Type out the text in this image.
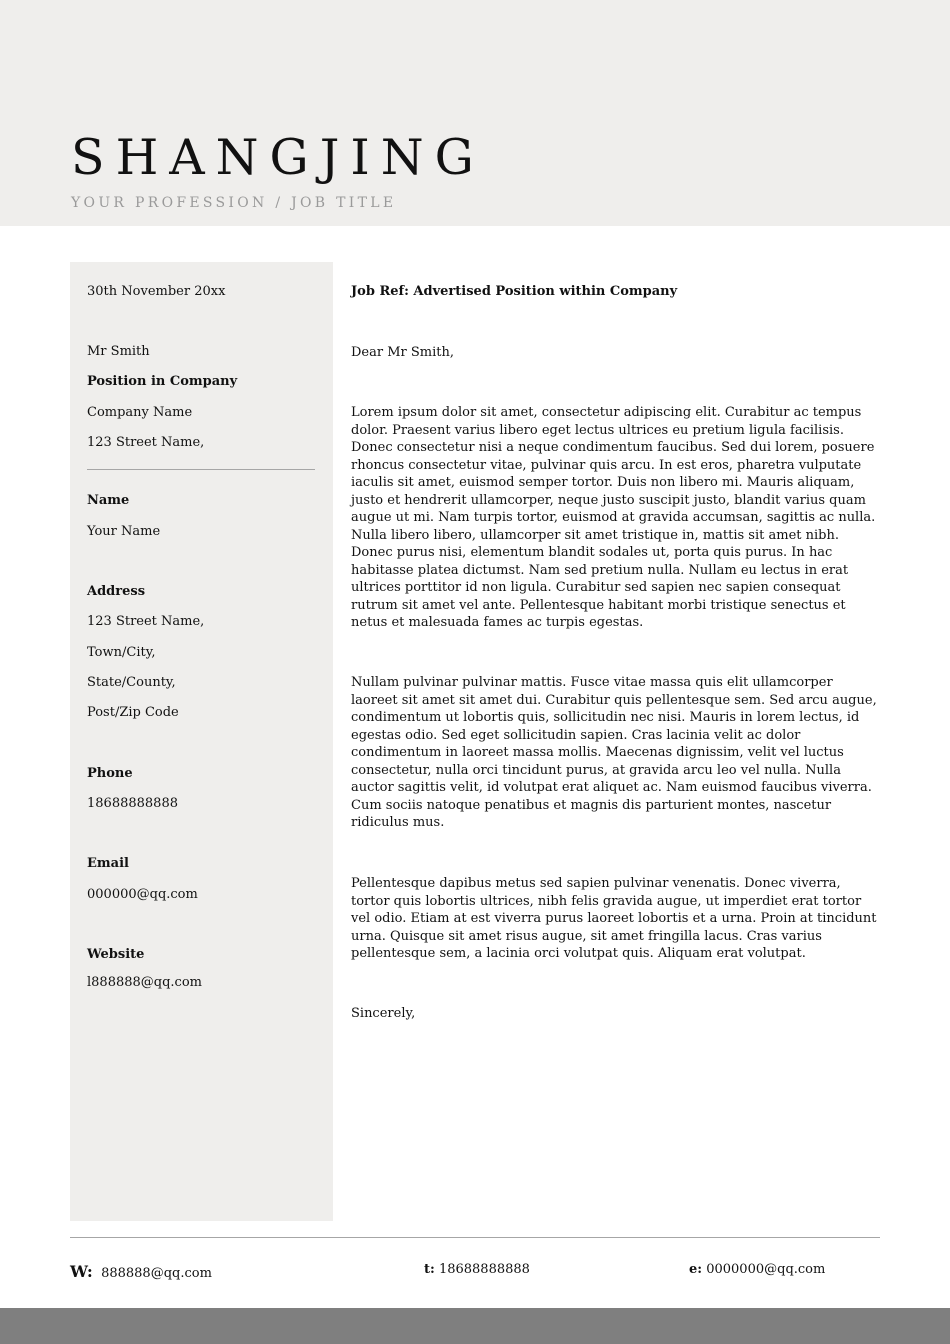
SHANGJING
YOUR PROFESSION / JOB TITLE
30th November 20xx
Mr Smith
Position in Company
Company Name
123 Street Name,
Name
Your Name
Address
123 Street Name,
Town/City,
State/County,
Post/Zip Code
Phone
18688888888
Email
000000@qq.com
Website
l888888@qq.com
Job Ref: Advertised Position within Company
Dear Mr Smith,

Lorem ipsum dolor sit amet, consectetur adipiscing elit. Curabitur ac tempus dolor. Praesent varius libero eget lectus ultrices eu pretium ligula facilisis. Donec consectetur nisi a neque condimentum faucibus. Sed dui lorem, posuere rhoncus consectetur vitae, pulvinar quis arcu. In est eros, pharetra vulputate iaculis sit amet, euismod semper tortor. Duis non libero mi. Mauris aliquam, justo et hendrerit ullamcorper, neque justo suscipit justo, blandit varius quam augue ut mi. Nam turpis tortor, euismod at gravida accumsan, sagittis ac nulla. Nulla libero libero, ullamcorper sit amet tristique in, mattis sit amet nibh. Donec purus nisi, elementum blandit sodales ut, porta quis purus. In hac habitasse platea dictumst. Nam sed pretium nulla. Nullam eu lectus in erat ultrices porttitor id non ligula. Curabitur sed sapien nec sapien consequat rutrum sit amet vel ante. Pellentesque habitant morbi tristique senectus et netus et malesuada fames ac turpis egestas.

Nullam pulvinar pulvinar mattis. Fusce vitae massa quis elit ullamcorper laoreet sit amet sit amet dui. Curabitur quis pellentesque sem. Sed arcu augue, condimentum ut lobortis quis, sollicitudin nec nisi. Mauris in lorem lectus, id egestas odio. Sed eget sollicitudin sapien. Cras lacinia velit ac dolor condimentum in laoreet massa mollis. Maecenas dignissim, velit vel luctus consectetur, nulla orci tincidunt purus, at gravida arcu leo vel nulla. Nulla auctor sagittis velit, id volutpat erat aliquet ac. Nam euismod faucibus viverra. Cum sociis natoque penatibus et magnis dis parturient montes, nascetur ridiculus mus.

Pellentesque dapibus metus sed sapien pulvinar venenatis. Donec viverra, tortor quis lobortis ultrices, nibh felis gravida augue, ut imperdiet erat tortor vel odio. Etiam at est viverra purus laoreet lobortis et a urna. Proin at tincidunt urna. Quisque sit amet risus augue, sit amet fringilla lacus. Cras varius pellentesque sem, a lacinia orci volutpat quis. Aliquam erat volutpat.

Sincerely,
W: 888888@qq.com	t: 18688888888	e: 0000000@qq.com
